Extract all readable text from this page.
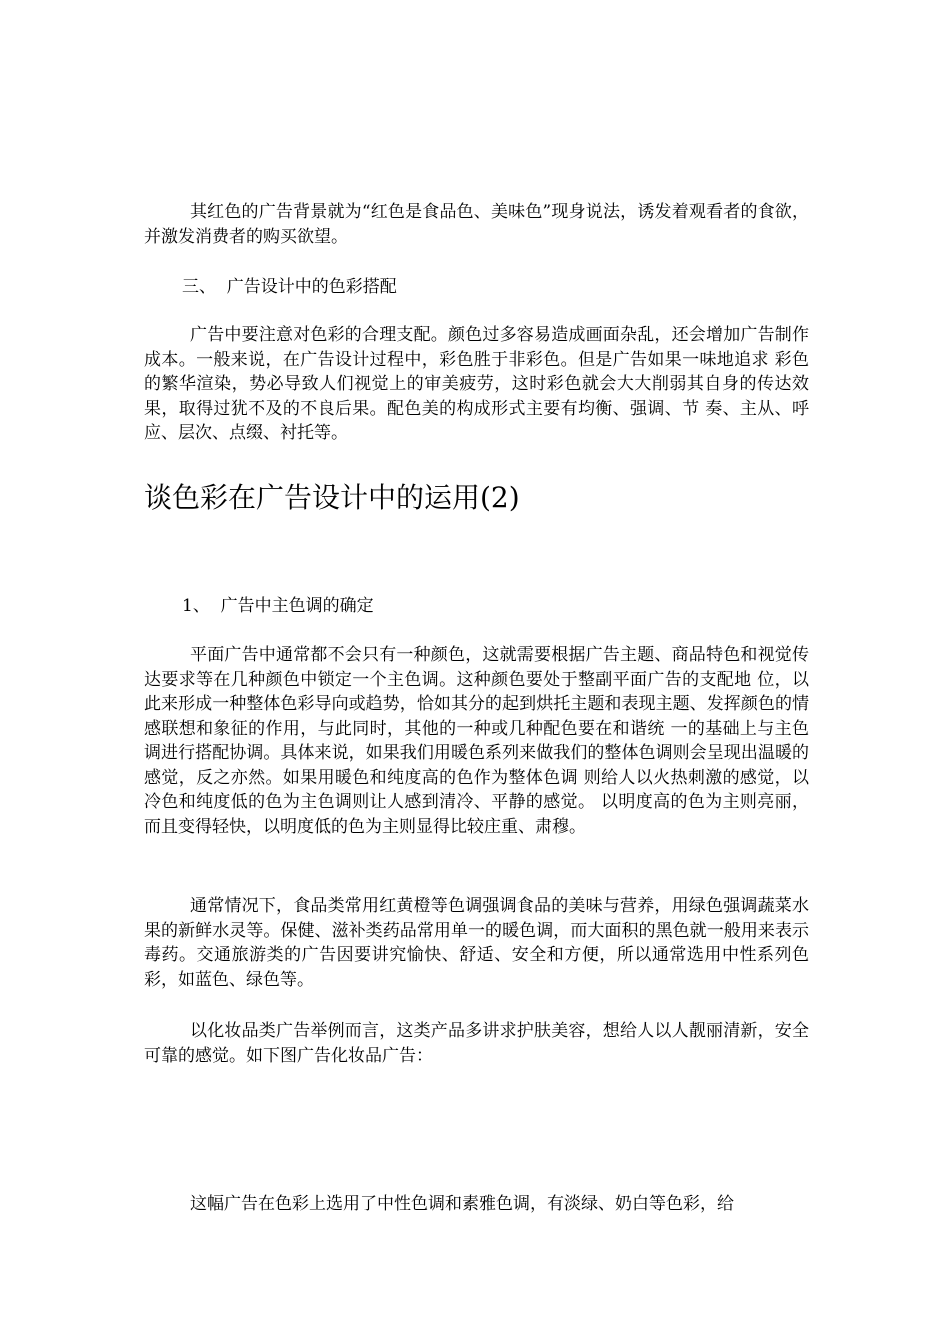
其红色的广告背景就为“红色是食品色、美味色”现身说法，诱发着观看者的食欲，并激发消费者的购买欲望。

三、  广告设计中的色彩搭配

广告中要注意对色彩的合理支配。颜色过多容易造成画面杂乱，还会增加广告制作成本。一般来说，在广告设计过程中，彩色胜于非彩色。但是广告如果一味地追求 彩色的繁华渲染，势必导致人们视觉上的审美疲劳，这时彩色就会大大削弱其自身的传达效果，取得过犹不及的不良后果。配色美的构成形式主要有均衡、强调、节 奏、主从、呼应、层次、点缀、衬托等。

谈色彩在广告设计中的运用(2)

1、  广告中主色调的确定

平面广告中通常都不会只有一种颜色，这就需要根据广告主题、商品特色和视觉传达要求等在几种颜色中锁定一个主色调。这种颜色要处于整副平面广告的支配地 位，以此来形成一种整体色彩导向或趋势，恰如其分的起到烘托主题和表现主题、发挥颜色的情感联想和象征的作用，与此同时，其他的一种或几种配色要在和谐统 一的基础上与主色调进行搭配协调。具体来说，如果我们用暖色系列来做我们的整体色调则会呈现出温暖的感觉，反之亦然。如果用暖色和纯度高的色作为整体色调 则给人以火热刺激的感觉，以冷色和纯度低的色为主色调则让人感到清冷、平静的感觉。 以明度高的色为主则亮丽，而且变得轻快，以明度低的色为主则显得比较庄重、肃穆。

通常情况下，食品类常用红黄橙等色调强调食品的美味与营养，用绿色强调蔬菜水果的新鲜水灵等。保健、滋补类药品常用单一的暖色调，而大面积的黑色就一般用来表示毒药。交通旅游类的广告因要讲究愉快、舒适、安全和方便，所以通常选用中性系列色彩，如蓝色、绿色等。

以化妆品类广告举例而言，这类产品多讲求护肤美容，想给人以人靓丽清新，安全可靠的感觉。如下图广告化妆品广告：

这幅广告在色彩上选用了中性色调和素雅色调，有淡绿、奶白等色彩，给
